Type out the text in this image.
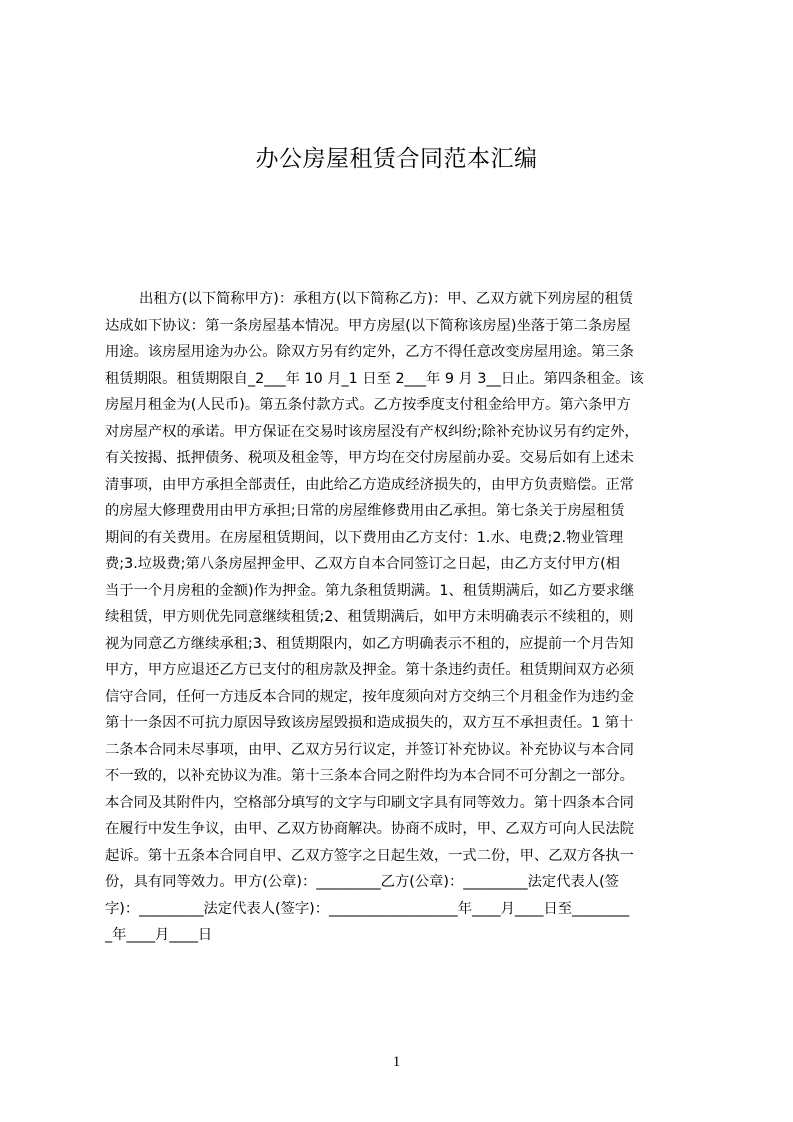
办公房屋租赁合同范本汇编
出租方(以下简称甲方)：承租方(以下简称乙方)：甲、乙双方就下列房屋的租赁
达成如下协议：第一条房屋基本情况。甲方房屋(以下简称该房屋)坐落于第二条房屋
用途。该房屋用途为办公。除双方另有约定外，乙方不得任意改变房屋用途。第三条
租赁期限。租赁期限自_2___年 10 月_1 日至 2___年 9 月 3__日止。第四条租金。该
房屋月租金为(人民币)。第五条付款方式。乙方按季度支付租金给甲方。第六条甲方
对房屋产权的承诺。甲方保证在交易时该房屋没有产权纠纷;除补充协议另有约定外，
有关按揭、抵押债务、税项及租金等，甲方均在交付房屋前办妥。交易后如有上述未
清事项，由甲方承担全部责任，由此给乙方造成经济损失的，由甲方负责赔偿。正常
的房屋大修理费用由甲方承担;日常的房屋维修费用由乙承担。第七条关于房屋租赁
期间的有关费用。在房屋租赁期间，以下费用由乙方支付：1.水、电费;2.物业管理
费;3.垃圾费;第八条房屋押金甲、乙双方自本合同签订之日起，由乙方支付甲方(相
当于一个月房租的金额)作为押金。第九条租赁期满。1、租赁期满后，如乙方要求继
续租赁，甲方则优先同意继续租赁;2、租赁期满后，如甲方未明确表示不续租的，则
视为同意乙方继续承租;3、租赁期限内，如乙方明确表示不租的，应提前一个月告知
甲方，甲方应退还乙方已支付的租房款及押金。第十条违约责任。租赁期间双方必须
信守合同，任何一方违反本合同的规定，按年度须向对方交纳三个月租金作为违约金
第十一条因不可抗力原因导致该房屋毁损和造成损失的，双方互不承担责任。1 第十
二条本合同未尽事项，由甲、乙双方另行议定，并签订补充协议。补充协议与本合同
不一致的，以补充协议为准。第十三条本合同之附件均为本合同不可分割之一部分。
本合同及其附件内，空格部分填写的文字与印刷文字具有同等效力。第十四条本合同
在履行中发生争议，由甲、乙双方协商解决。协商不成时，甲、乙双方可向人民法院
起诉。第十五条本合同自甲、乙双方签字之日起生效，一式二份，甲、乙双方各执一
份，具有同等效力。甲方(公章)：_________乙方(公章)：_________法定代表人(签
字)：_________法定代表人(签字)：__________________年____月____日至________
_年____月____日
1
